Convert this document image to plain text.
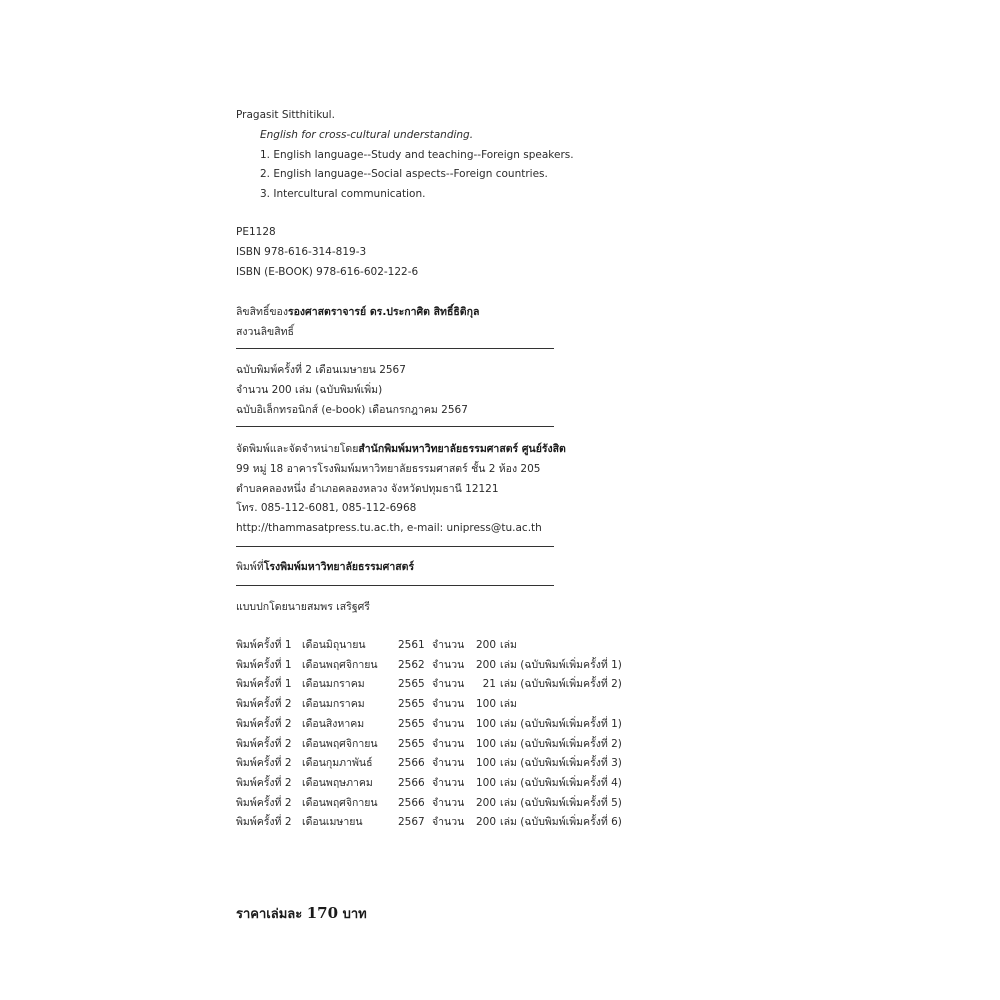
Pragasit Sitthitikul.
English for cross-cultural understanding.
1. English language--Study and teaching--Foreign speakers.
2. English language--Social aspects--Foreign countries.
3. Intercultural communication.
PE1128
ISBN 978-616-314-819-3
ISBN (E-BOOK) 978-616-602-122-6
ลิขสิทธิ์ของรองศาสตราจารย์ ดร.ประกาศิต สิทธิ์ธิติกุล
สงวนลิขสิทธิ์
ฉบับพิมพ์ครั้งที่ 2 เดือนเมษายน 2567
จำนวน 200 เล่ม (ฉบับพิมพ์เพิ่ม)
ฉบับอิเล็กทรอนิกส์ (e-book) เดือนกรกฎาคม 2567
จัดพิมพ์และจัดจำหน่ายโดยสำนักพิมพ์มหาวิทยาลัยธรรมศาสตร์ ศูนย์รังสิต
99 หมู่ 18 อาคารโรงพิมพ์มหาวิทยาลัยธรรมศาสตร์ ชั้น 2 ห้อง 205
ตำบลคลองหนึ่ง อำเภอคลองหลวง จังหวัดปทุมธานี 12121
โทร. 085-112-6081, 085-112-6968
http://thammasatpress.tu.ac.th, e-mail: unipress@tu.ac.th
พิมพ์ที่โรงพิมพ์มหาวิทยาลัยธรรมศาสตร์
แบบปกโดยนายสมพร เสริฐศรี
พิมพ์ครั้งที่ 1 เดือนมิถุนายน	2561 จำนวน 200 เล่ม
พิมพ์ครั้งที่ 1 เดือนพฤศจิกายน 2562 จำนวน 200 เล่ม (ฉบับพิมพ์เพิ่มครั้งที่ 1)
พิมพ์ครั้งที่ 1 เดือนมกราคม	2565 จำนวน	21 เล่ม (ฉบับพิมพ์เพิ่มครั้งที่ 2)
พิมพ์ครั้งที่ 2 เดือนมกราคม	2565 จำนวน 100 เล่ม
พิมพ์ครั้งที่ 2 เดือนสิงหาคม	2565 จำนวน 100 เล่ม (ฉบับพิมพ์เพิ่มครั้งที่ 1)
พิมพ์ครั้งที่ 2 เดือนพฤศจิกายน 2565 จำนวน 100 เล่ม (ฉบับพิมพ์เพิ่มครั้งที่ 2)
พิมพ์ครั้งที่ 2 เดือนกุมภาพันธ์ 2566 จำนวน 100 เล่ม (ฉบับพิมพ์เพิ่มครั้งที่ 3)
พิมพ์ครั้งที่ 2 เดือนพฤษภาคม 2566 จำนวน 100 เล่ม (ฉบับพิมพ์เพิ่มครั้งที่ 4)
พิมพ์ครั้งที่ 2 เดือนพฤศจิกายน 2566 จำนวน 200 เล่ม (ฉบับพิมพ์เพิ่มครั้งที่ 5)
พิมพ์ครั้งที่ 2 เดือนเมษายน	2567 จำนวน 200 เล่ม (ฉบับพิมพ์เพิ่มครั้งที่ 6)
ราคาเล่มละ 170 บาท
